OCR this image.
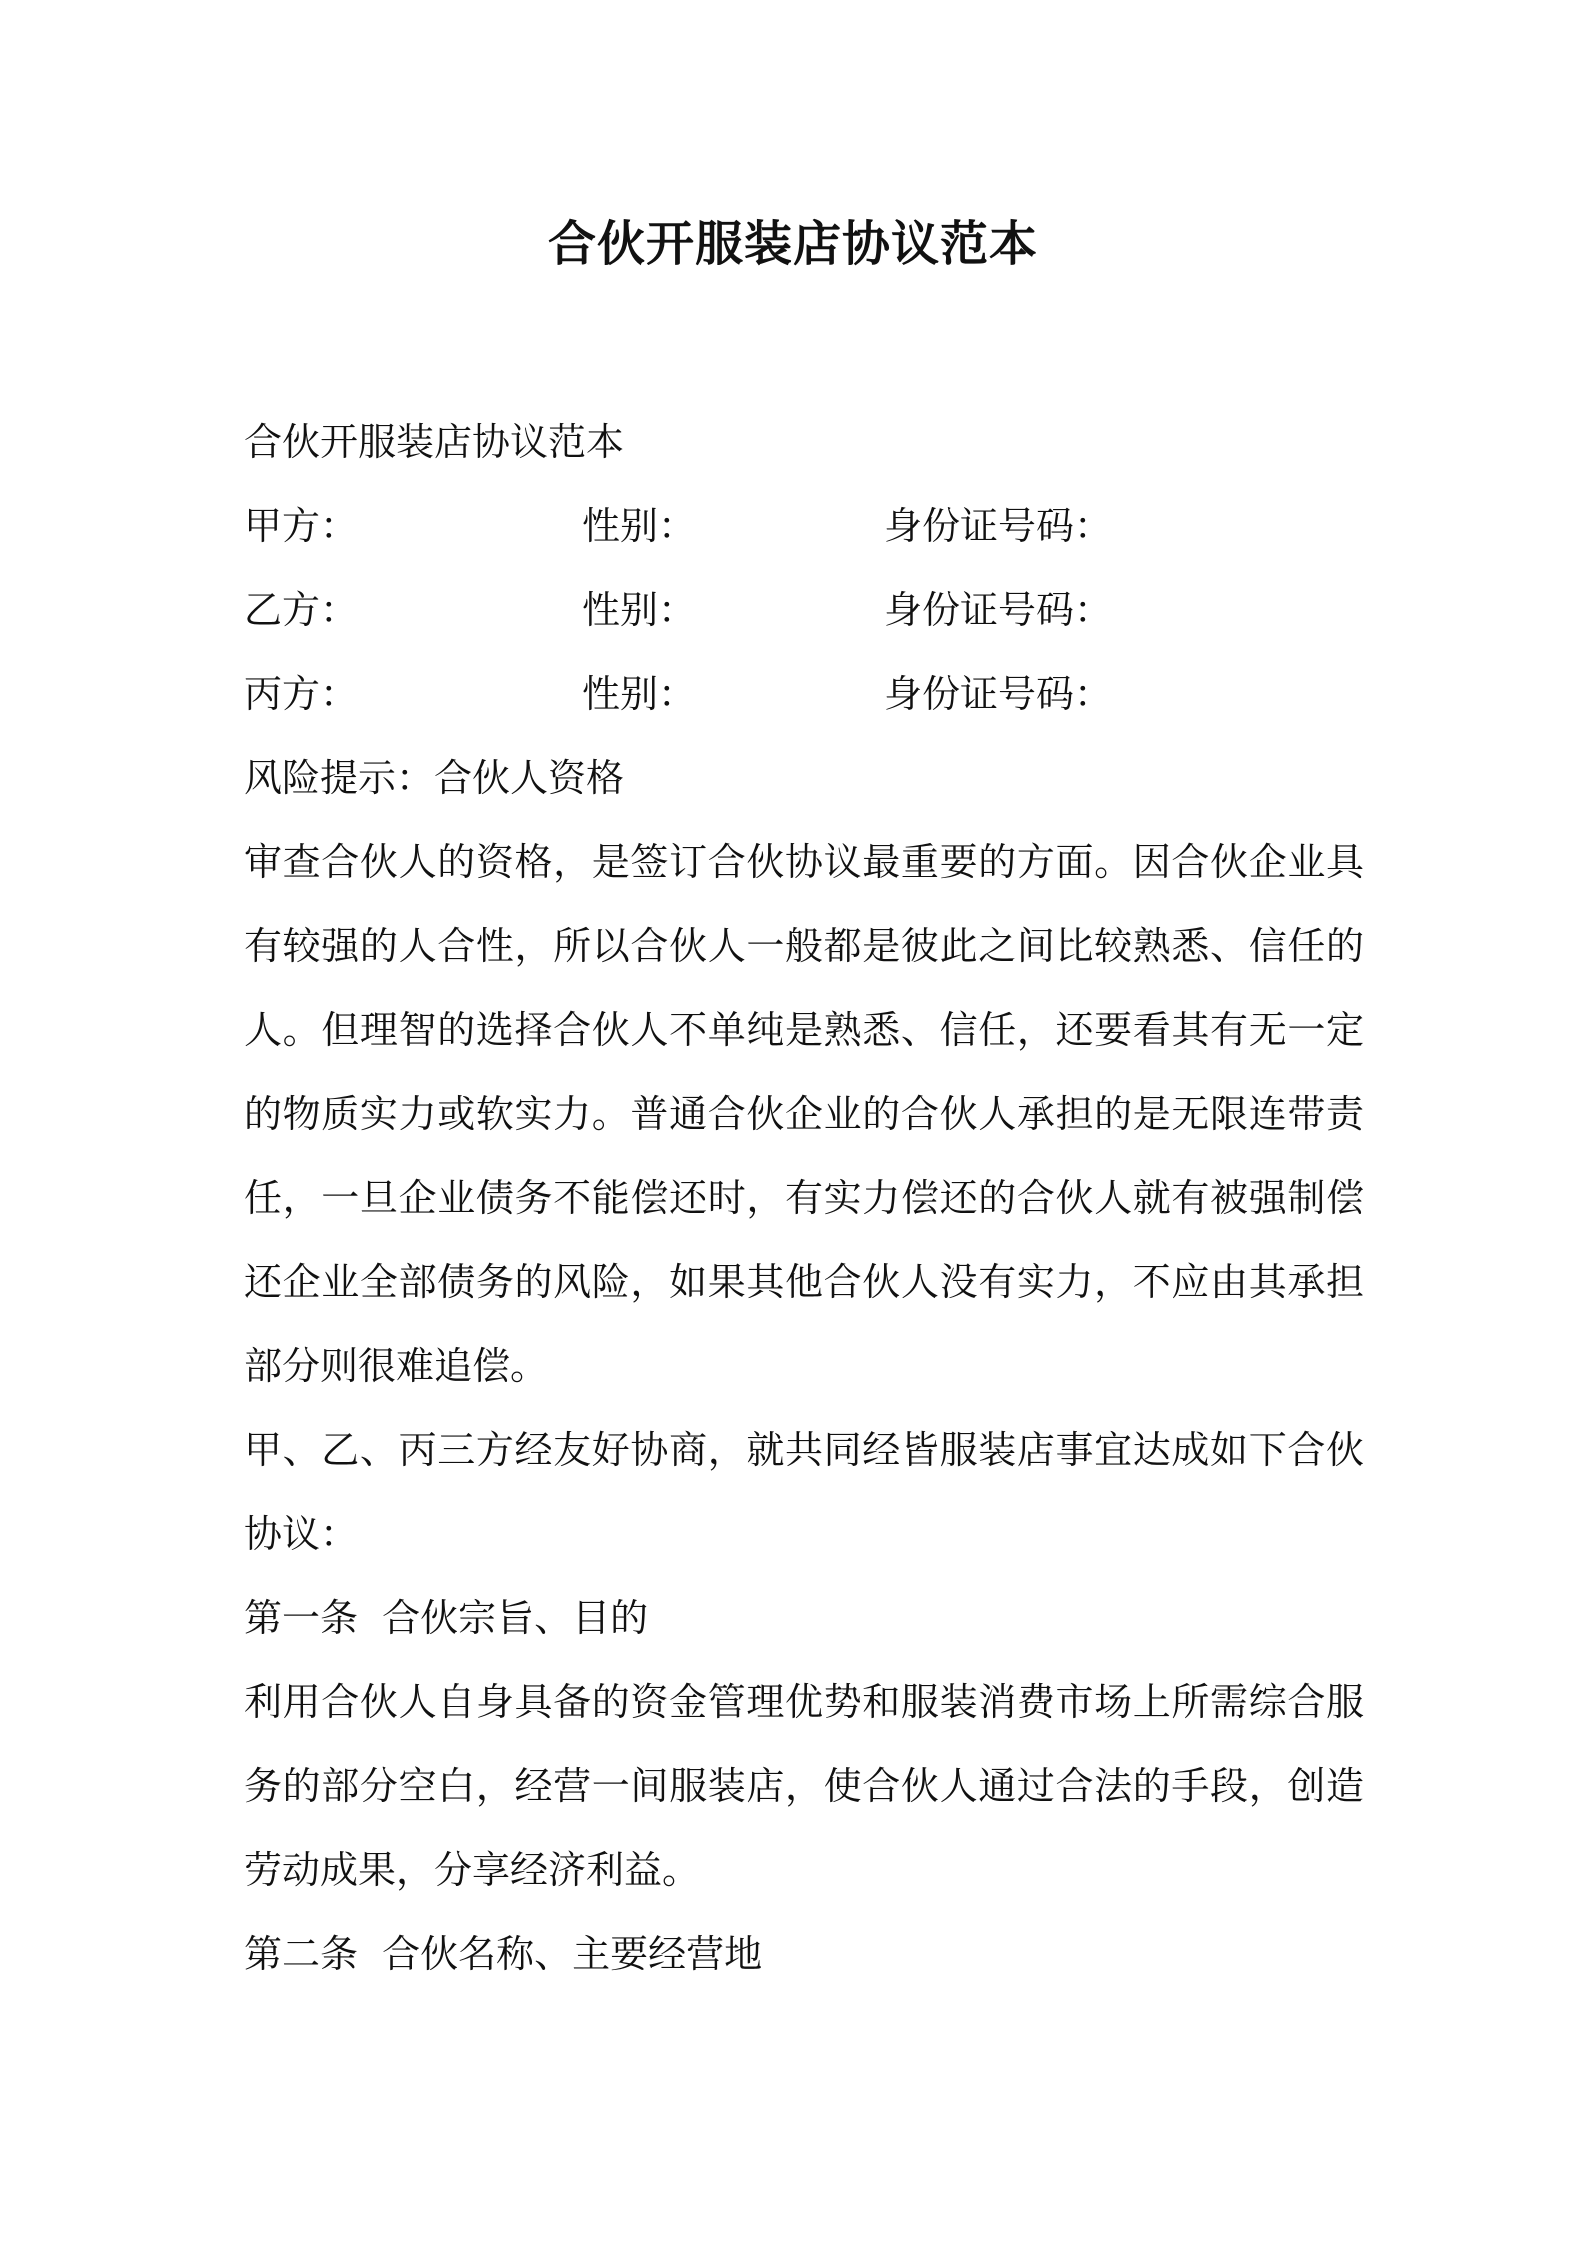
合伙开服装店协议范本
合伙开服装店协议范本
甲方：	性别：	身份证号码：
乙方：	性别：	身份证号码：
丙方：	性别：	身份证号码：
风险提示：合伙人资格

审查合伙人的资格，是签订合伙协议最重要的方面。因合伙企业具有较强的人合性，所以合伙人一般都是彼此之间比较熟悉、信任的人。但理智的选择合伙人不单纯是熟悉、信任，还要看其有无一定的物质实力或软实力。普通合伙企业的合伙人承担的是无限连带责任，一旦企业债务不能偿还时，有实力偿还的合伙人就有被强制偿还企业全部债务的风险，如果其他合伙人没有实力，不应由其承担部分则很难追偿。

甲、乙、丙三方经友好协商，就共同经皆服装店事宜达成如下合伙协议：

第一条  合伙宗旨、目的

利用合伙人自身具备的资金管理优势和服装消费市场上所需综合服务的部分空白，经营一间服装店，使合伙人通过合法的手段，创造劳动成果，分享经济利益。

第二条  合伙名称、主要经营地
